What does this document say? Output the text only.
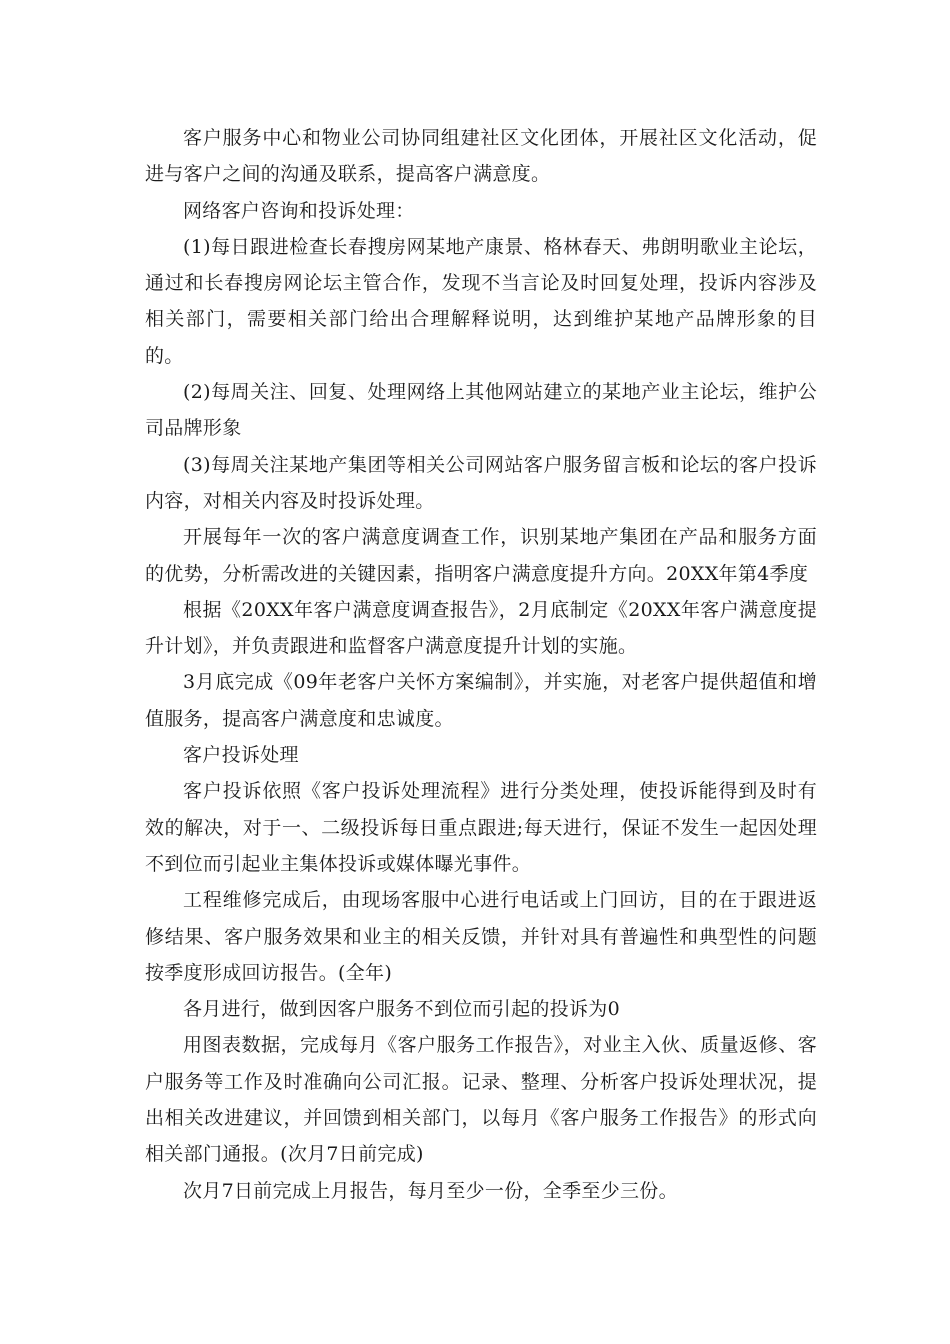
客户服务中心和物业公司协同组建社区文化团体，开展社区文化活动，促进与客户之间的沟通及联系，提高客户满意度。

网络客户咨询和投诉处理：

(1)每日跟进检查长春搜房网某地产康景、格林春天、弗朗明歌业主论坛，通过和长春搜房网论坛主管合作，发现不当言论及时回复处理，投诉内容涉及相关部门，需要相关部门给出合理解释说明，达到维护某地产品牌形象的目的。

(2)每周关注、回复、处理网络上其他网站建立的某地产业主论坛，维护公司品牌形象

(3)每周关注某地产集团等相关公司网站客户服务留言板和论坛的客户投诉内容，对相关内容及时投诉处理。

开展每年一次的客户满意度调查工作，识别某地产集团在产品和服务方面的优势，分析需改进的关键因素，指明客户满意度提升方向。20XX年第4季度

根据《20XX年客户满意度调查报告》，2月底制定《20XX年客户满意度提升计划》，并负责跟进和监督客户满意度提升计划的实施。

3月底完成《09年老客户关怀方案编制》，并实施，对老客户提供超值和增值服务，提高客户满意度和忠诚度。

客户投诉处理

客户投诉依照《客户投诉处理流程》进行分类处理，使投诉能得到及时有效的解决，对于一、二级投诉每日重点跟进;每天进行，保证不发生一起因处理不到位而引起业主集体投诉或媒体曝光事件。

工程维修完成后，由现场客服中心进行电话或上门回访，目的在于跟进返修结果、客户服务效果和业主的相关反馈，并针对具有普遍性和典型性的问题按季度形成回访报告。(全年)

各月进行，做到因客户服务不到位而引起的投诉为0

用图表数据，完成每月《客户服务工作报告》，对业主入伙、质量返修、客户服务等工作及时准确向公司汇报。记录、整理、分析客户投诉处理状况，提出相关改进建议，并回馈到相关部门，以每月《客户服务工作报告》的形式向相关部门通报。(次月7日前完成)

次月7日前完成上月报告，每月至少一份，全季至少三份。
